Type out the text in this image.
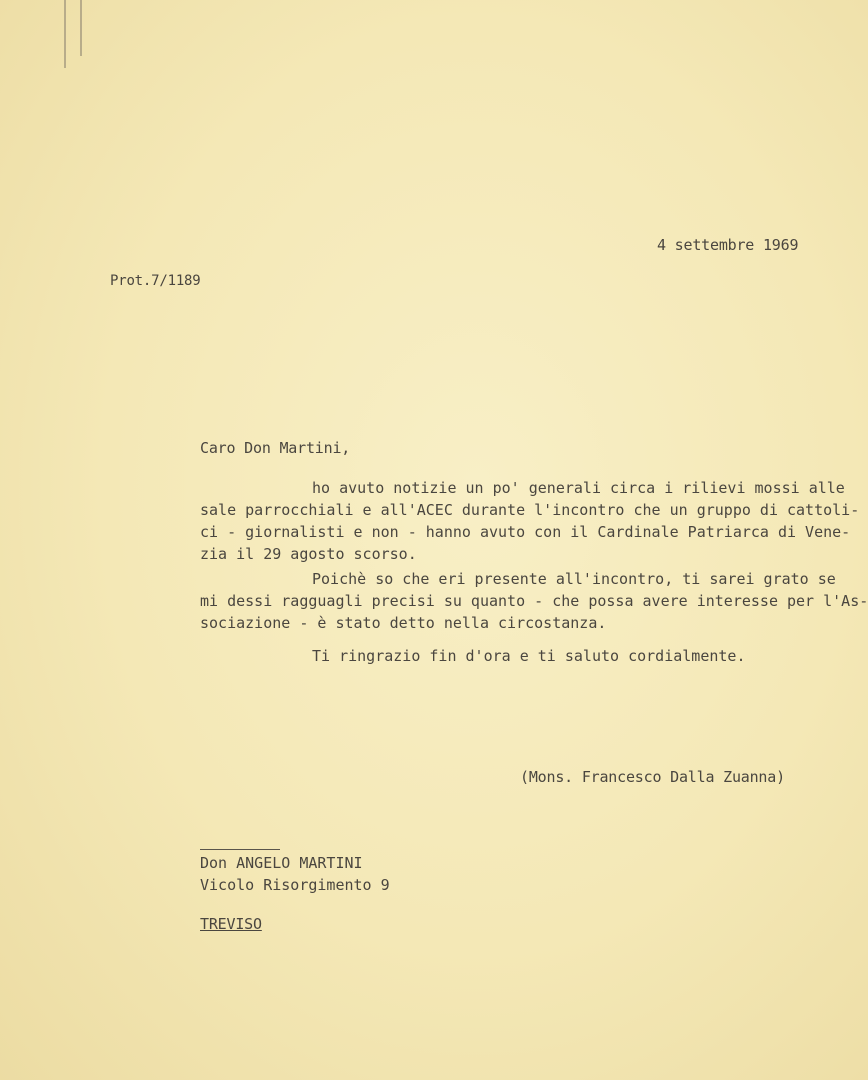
4 settembre 1969
Prot.7/1189
Caro Don Martini,
ho avuto notizie un po' generali circa i rilievi mossi alle
sale parrocchiali e all'ACEC durante l'incontro che un gruppo di cattoli-
ci - giornalisti e non - hanno avuto con il Cardinale Patriarca di Vene-
zia il 29 agosto scorso.
Poichè so che eri presente all'incontro, ti sarei grato se
mi dessi ragguagli precisi su quanto - che possa avere interesse per l'As-
sociazione - è stato detto nella circostanza.
Ti ringrazio fin d'ora e ti saluto cordialmente.
(Mons. Francesco Dalla Zuanna)
Don ANGELO MARTINI
Vicolo Risorgimento 9
TREVISO
